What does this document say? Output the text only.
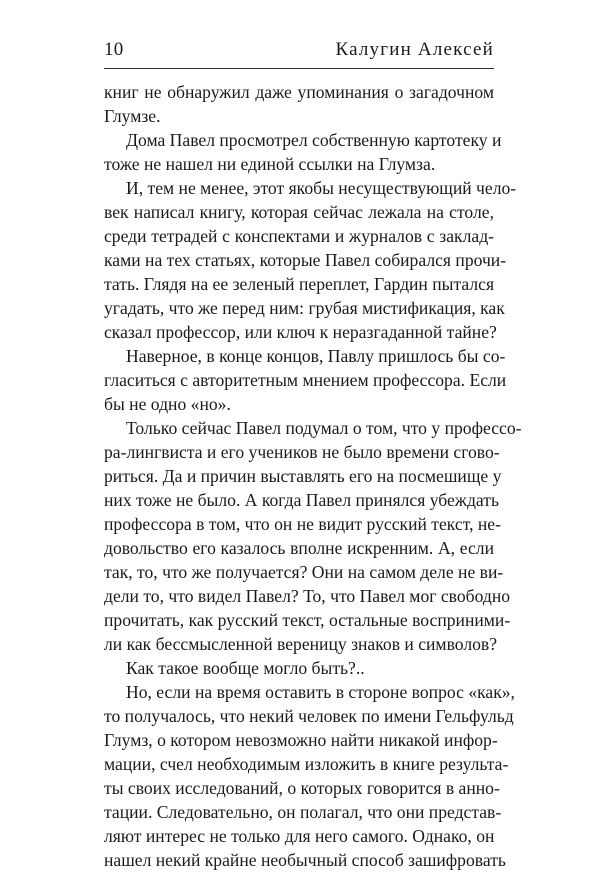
10	Калугин Алексей
книг не обнаружил даже упоминания о загадочном
Глумзе.
Дома Павел просмотрел собственную картотеку и
тоже не нашел ни единой ссылки на Глумза.
И, тем не менее, этот якобы несуществующий чело-
век написал книгу, которая сейчас лежала на столе,
среди тетрадей с конспектами и журналов с заклад-
ками на тех статьях, которые Павел собирался прочи-
тать. Глядя на ее зеленый переплет, Гардин пытался
угадать, что же перед ним: грубая мистификация, как
сказал профессор, или ключ к неразгаданной тайне?
Наверное, в конце концов, Павлу пришлось бы со-
гласиться с авторитетным мнением профессора. Если
бы не одно «но».
Только сейчас Павел подумал о том, что у профессо-
ра-лингвиста и его учеников не было времени сгово-
риться. Да и причин выставлять его на посмешище у
них тоже не было. А когда Павел принялся убеждать
профессора в том, что он не видит русский текст, не-
довольство его казалось вполне искренним. А, если
так, то, что же получается? Они на самом деле не ви-
дели то, что видел Павел? То, что Павел мог свободно
прочитать, как русский текст, остальные восприними-
ли как бессмысленной вереницу знаков и символов?
Как такое вообще могло быть?..
Но, если на время оставить в стороне вопрос «как»,
то получалось, что некий человек по имени Гельфульд
Глумз, о котором невозможно найти никакой инфор-
мации, счел необходимым изложить в книге результа-
ты своих исследований, о которых говорится в анно-
тации. Следовательно, он полагал, что они представ-
ляют интерес не только для него самого. Однако, он
нашел некий крайне необычный способ зашифровать
